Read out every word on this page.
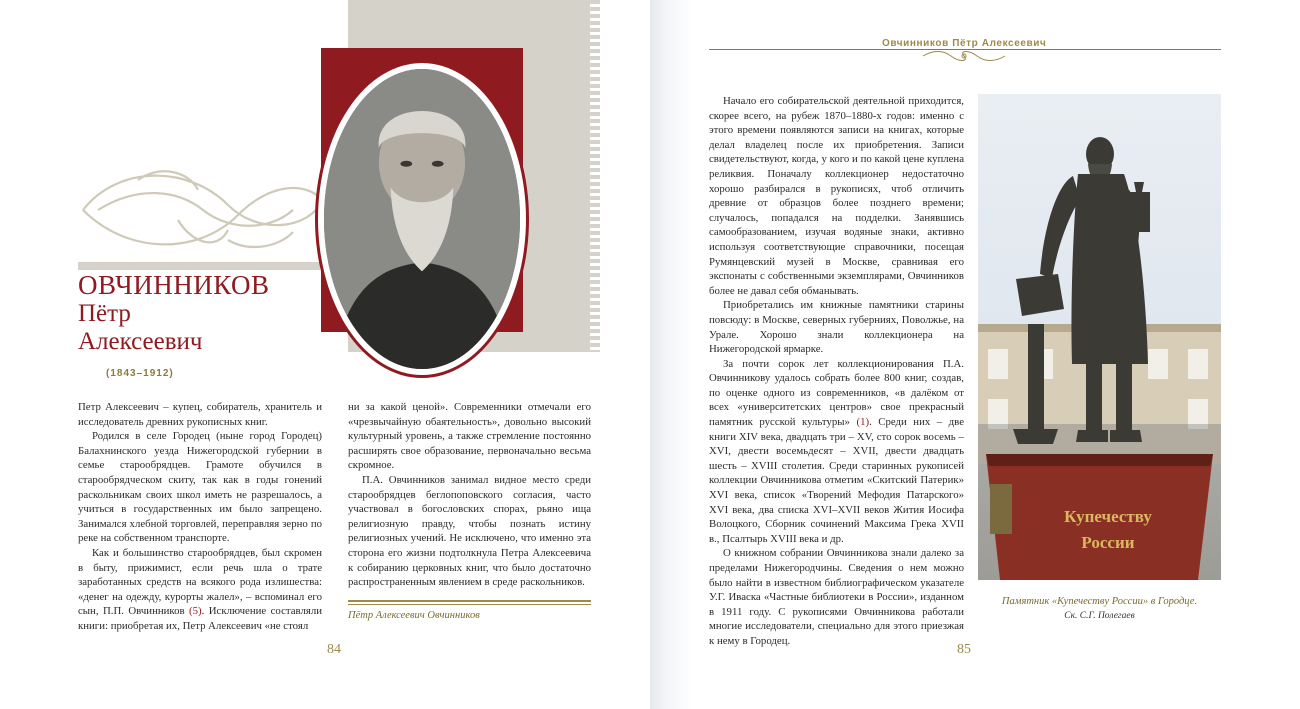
ОВЧИННИКОВ
Пётр
Алексеевич
(1843–1912)

Петр Алексеевич – купец, собиратель, хранитель и исследователь древних рукописных книг.

Родился в селе Городец (ныне город Городец) Балахнинского уезда Нижегородской губернии в семье старообрядцев. Грамоте обучился в старообрядческом скиту, так как в годы гонений раскольникам своих школ иметь не разрешалось, а учиться в государственных им было запрещено. Занимался хлебной торговлей, переправляя зерно по реке на собственном транспорте.

Как и большинство старообрядцев, был скромен в быту, прижимист, если речь шла о трате заработанных средств на всякого рода излишества: «денег на одежду, курорты жалел», – вспоминал его сын, П.П. Овчинников (5). Исключение составляли книги: приобретая их, Петр Алексеевич «не стоял

ни за какой ценой». Современники отмечали его «чрезвычайную обаятельность», довольно высокий культурный уровень, а также стремление постоянно расширять свое образование, первоначально весьма скромное.

П.А. Овчинников занимал видное место среди старообрядцев беглопоповского согласия, часто участвовал в богословских спорах, рьяно ища религиозную правду, чтобы познать истину религиозных учений. Не исключено, что именно эта сторона его жизни подтолкнула Петра Алексеевича к собиранию церковных книг, что было достаточно распространенным явлением в среде раскольников.

Пётр Алексеевич Овчинников
84
Овчинников Пётр Алексеевич

Начало его собирательской деятельной приходится, скорее всего, на рубеж 1870–1880-х годов: именно с этого времени появляются записи на книгах, которые делал владелец после их приобретения. Записи свидетельствуют, когда, у кого и по какой цене куплена реликвия. Поначалу коллекционер недостаточно хорошо разбирался в рукописях, чтоб отличить древние от образцов более позднего времени; случалось, попадался на подделки. Занявшись самообразованием, изучая водяные знаки, активно используя соответствующие справочники, посещая Румянцевский музей в Москве, сравнивая его экспонаты с собственными экземплярами, Овчинников более не давал себя обманывать.

Приобретались им книжные памятники старины повсюду: в Москве, северных губерниях, Поволжье, на Урале. Хорошо знали коллекционера на Нижегородской ярмарке.

За почти сорок лет коллекционирования П.А. Овчинникову удалось собрать более 800 книг, создав, по оценке одного из современников, «в далёком от всех «университетских центров» свое прекрасный памятник русской культуры» (1). Среди них – две книги XIV века, двадцать три – XV, сто сорок восемь – XVI, двести восемьдесят – XVII, двести двадцать шесть – XVIII столетия. Среди старинных рукописей коллекции Овчинникова отметим «Скитский Патерик» XVI века, список «Творений Мефодия Патарского» XVI века, два списка XVI–XVII веков Жития Иосифа Волоцкого, Сборник сочинений Максима Грека XVII в., Псалтырь XVIII века и др.

О книжном собрании Овчинникова знали далеко за пределами Нижегородчины. Сведения о нем можно было найти в известном библиографическом указателе У.Г. Иваска «Частные библиотеки в России», изданном в 1911 году. С рукописями Овчинникова работали многие исследователи, специально для этого приезжая к нему в Городец.

Купечеству
России
Памятник «Купечеству России» в Городце.
Ск. С.Г. Полегаев
85
